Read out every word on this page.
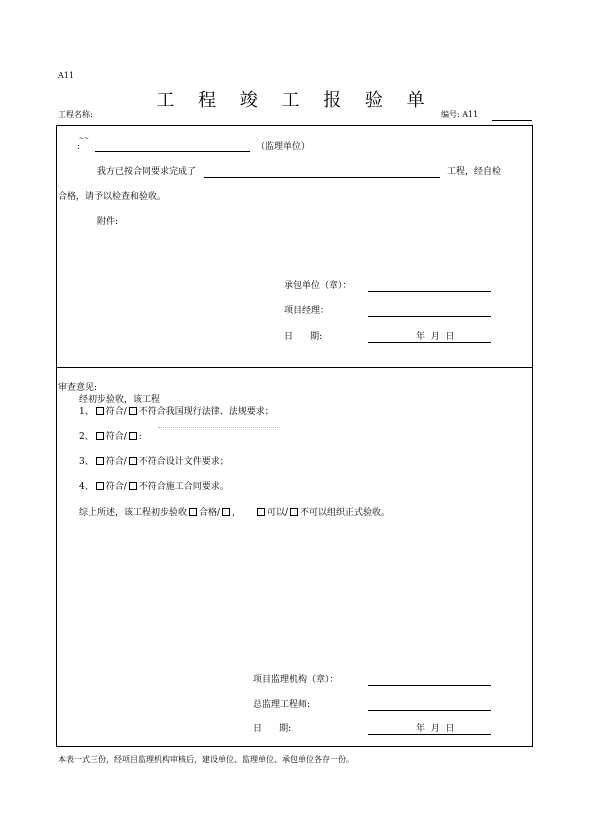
A11
工 程 竣 工 报 验 单
工程名称:	编号: A11
~~
:	（监理单位）
我方已按合同要求完成了	工程，经自检
合格，请予以检查和验收。
附件:
承包单位（章）：
项目经理：
日      期:	年  月  日
审查意见:
经初步验收，该工程
1、 符合/ 不符合我国现行法律、法规要求；
2、 符合/ :
3、 符合/ 不符合设计文件要求；
4、 符合/ 不符合施工合同要求。
综上所述，该工程初步验收 合格/ ,	可以/ 不可以组织正式验收。
项目监理机构（章）：
总监理工程师:
日      期:	年  月  日
本表一式三份，经项目监理机构审核后，建设单位、监理单位、承包单位各存一份。
